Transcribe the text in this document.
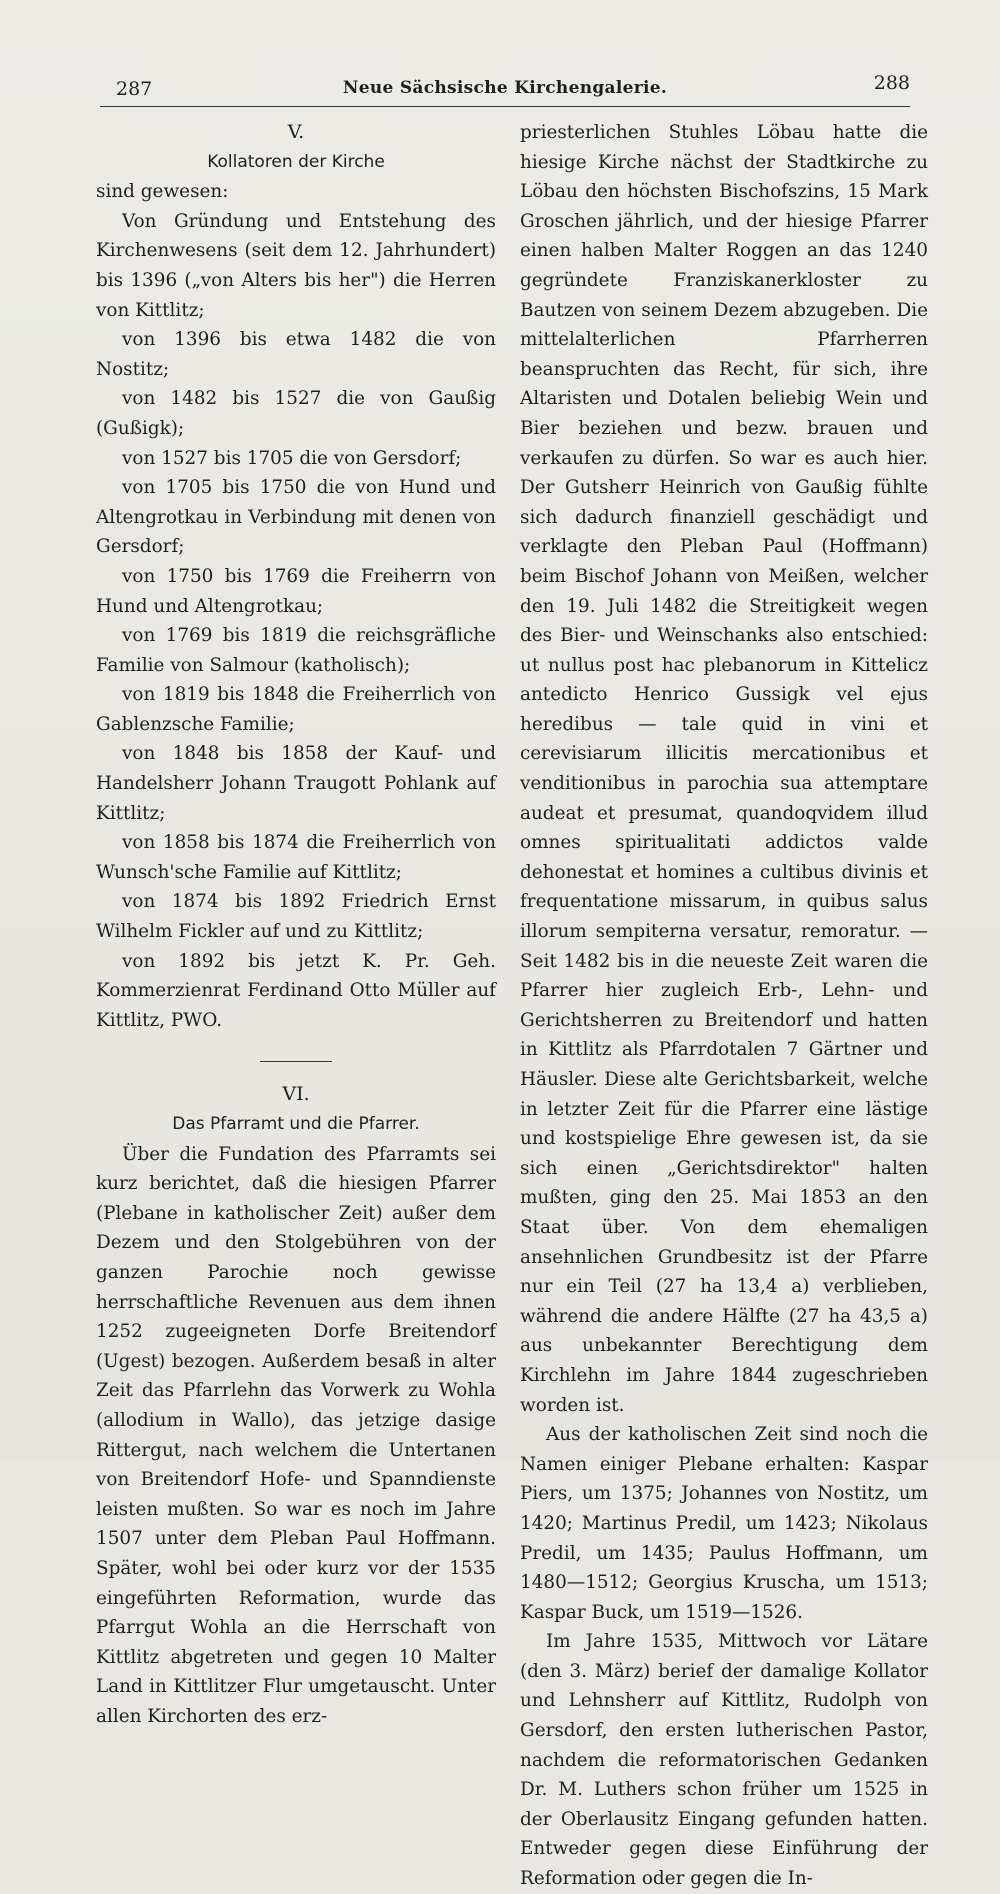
287	Neue Sächsische Kirchengalerie.	288

V.

Kollatoren der Kirche

sind gewesen:

Von Gründung und Entstehung des Kirchenwesens (seit dem 12. Jahrhundert) bis 1396 („von Alters bis her") die Herren von Kittlitz;

von 1396 bis etwa 1482 die von Nostitz;

von 1482 bis 1527 die von Gaußig (Gußigk);

von 1527 bis 1705 die von Gersdorf;

von 1705 bis 1750 die von Hund und Altengrotkau in Verbindung mit denen von Gersdorf;

von 1750 bis 1769 die Freiherrn von Hund und Altengrotkau;

von 1769 bis 1819 die reichsgräfliche Familie von Salmour (katholisch);

von 1819 bis 1848 die Freiherrlich von Gablenzsche Familie;

von 1848 bis 1858 der Kauf- und Handelsherr Johann Traugott Pohlank auf Kittlitz;

von 1858 bis 1874 die Freiherrlich von Wunsch'sche Familie auf Kittlitz;

von 1874 bis 1892 Friedrich Ernst Wilhelm Fickler auf und zu Kittlitz;

von 1892 bis jetzt K. Pr. Geh. Kommerzienrat Ferdinand Otto Müller auf Kittlitz, PWO.

VI.

Das Pfarramt und die Pfarrer.

Über die Fundation des Pfarramts sei kurz berichtet, daß die hiesigen Pfarrer (Plebane in katholischer Zeit) außer dem Dezem und den Stolgebühren von der ganzen Parochie noch gewisse herrschaftliche Revenuen aus dem ihnen 1252 zugeeigneten Dorfe Breitendorf (Ugest) bezogen. Außerdem besaß in alter Zeit das Pfarrlehn das Vorwerk zu Wohla (allodium in Wallo), das jetzige dasige Rittergut, nach welchem die Untertanen von Breitendorf Hofe- und Spanndienste leisten mußten. So war es noch im Jahre 1507 unter dem Pleban Paul Hoffmann. Später, wohl bei oder kurz vor der 1535 eingeführten Reformation, wurde das Pfarrgut Wohla an die Herrschaft von Kittlitz abgetreten und gegen 10 Malter Land in Kittlitzer Flur umgetauscht. Unter allen Kirchorten des erz-

priesterlichen Stuhles Löbau hatte die hiesige Kirche nächst der Stadtkirche zu Löbau den höchsten Bischofszins, 15 Mark Groschen jährlich, und der hiesige Pfarrer einen halben Malter Roggen an das 1240 gegründete Franziskanerkloster zu Bautzen von seinem Dezem abzugeben. Die mittelalterlichen Pfarrherren beanspruchten das Recht, für sich, ihre Altaristen und Dotalen beliebig Wein und Bier beziehen und bezw. brauen und verkaufen zu dürfen. So war es auch hier. Der Gutsherr Heinrich von Gaußig fühlte sich dadurch finanziell geschädigt und verklagte den Pleban Paul (Hoffmann) beim Bischof Johann von Meißen, welcher den 19. Juli 1482 die Streitigkeit wegen des Bier- und Weinschanks also entschied: ut nullus post hac plebanorum in Kittelicz antedicto Henrico Gussigk vel ejus heredibus — tale quid in vini et cerevisiarum illicitis mercationibus et venditionibus in parochia sua attemptare audeat et presumat, quandoqvidem illud omnes spiritualitati addictos valde dehonestat et homines a cultibus divinis et frequentatione missarum, in quibus salus illorum sempiterna versatur, remoratur. — Seit 1482 bis in die neueste Zeit waren die Pfarrer hier zugleich Erb-, Lehn- und Gerichtsherren zu Breitendorf und hatten in Kittlitz als Pfarrdotalen 7 Gärtner und Häusler. Diese alte Gerichtsbarkeit, welche in letzter Zeit für die Pfarrer eine lästige und kostspielige Ehre gewesen ist, da sie sich einen „Gerichtsdirektor" halten mußten, ging den 25. Mai 1853 an den Staat über. Von dem ehemaligen ansehnlichen Grundbesitz ist der Pfarre nur ein Teil (27 ha 13,4 a) verblieben, während die andere Hälfte (27 ha 43,5 a) aus unbekannter Berechtigung dem Kirchlehn im Jahre 1844 zugeschrieben worden ist.

Aus der katholischen Zeit sind noch die Namen einiger Plebane erhalten: Kaspar Piers, um 1375; Johannes von Nostitz, um 1420; Martinus Predil, um 1423; Nikolaus Predil, um 1435; Paulus Hoffmann, um 1480—1512; Georgius Kruscha, um 1513; Kaspar Buck, um 1519—1526.

Im Jahre 1535, Mittwoch vor Lätare (den 3. März) berief der damalige Kollator und Lehnsherr auf Kittlitz, Rudolph von Gersdorf, den ersten lutherischen Pastor, nachdem die reformatorischen Gedanken Dr. M. Luthers schon früher um 1525 in der Oberlausitz Eingang gefunden hatten. Entweder gegen diese Einführung der Reformation oder gegen die In-
